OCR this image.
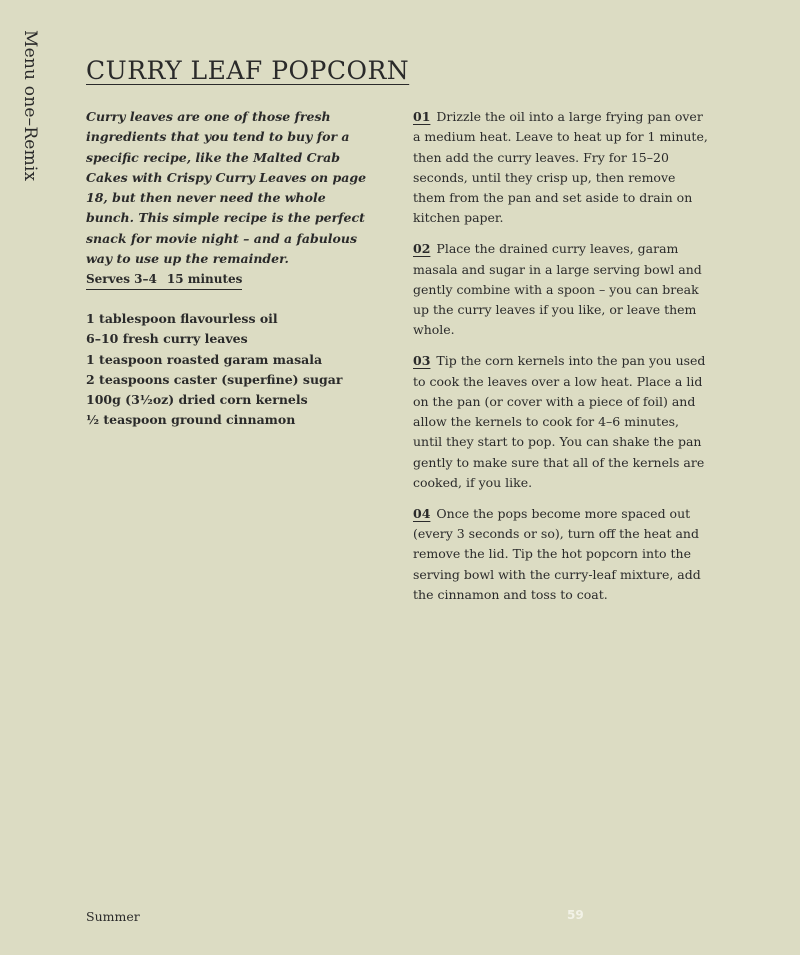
Menu one–Remix CURRY LEAF POPCORN

Curry leaves are one of those fresh ingredients that you tend to buy for a specific recipe, like the Malted Crab Cakes with Crispy Curry Leaves on page 18, but then never need the whole bunch. This simple recipe is the perfect snack for movie night – and a fabulous way to use up the remainder.

Serves 3–4 15 minutes
1 tablespoon flavourless oil
6–10 fresh curry leaves
1 teaspoon roasted garam masala
2 teaspoons caster (superfine) sugar
100g (3½oz) dried corn kernels
½ teaspoon ground cinnamon

01 Drizzle the oil into a large frying pan over a medium heat. Leave to heat up for 1 minute, then add the curry leaves. Fry for 15–20 seconds, until they crisp up, then remove them from the pan and set aside to drain on kitchen paper.

02 Place the drained curry leaves, garam masala and sugar in a large serving bowl and gently combine with a spoon – you can break up the curry leaves if you like, or leave them whole.

03 Tip the corn kernels into the pan you used to cook the leaves over a low heat. Place a lid on the pan (or cover with a piece of foil) and allow the kernels to cook for 4–6 minutes, until they start to pop. You can shake the pan gently to make sure that all of the kernels are cooked, if you like.

04 Once the pops become more spaced out (every 3 seconds or so), turn off the heat and remove the lid. Tip the hot popcorn into the serving bowl with the curry-leaf mixture, add the cinnamon and toss to coat.

Summer	59
